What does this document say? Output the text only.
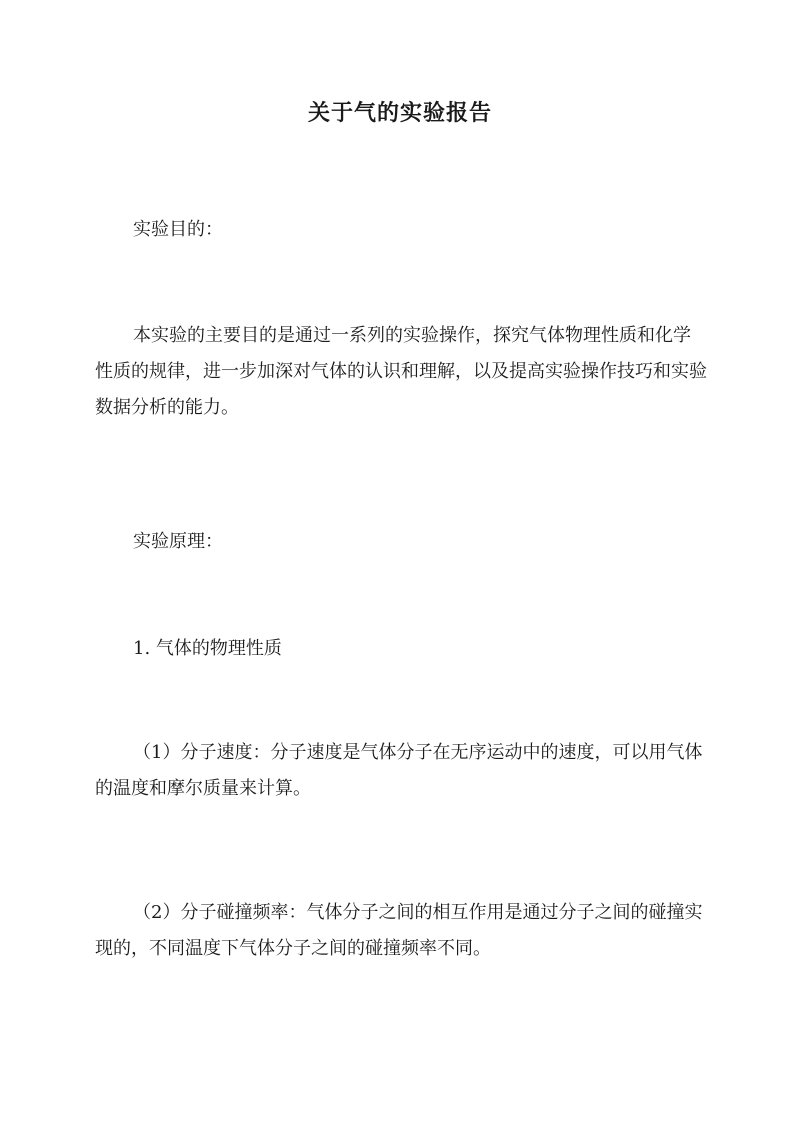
关于气的实验报告

实验目的：

本实验的主要目的是通过一系列的实验操作，探究气体物理性质和化学性质的规律，进一步加深对气体的认识和理解，以及提高实验操作技巧和实验数据分析的能力。

实验原理：

1. 气体的物理性质

（1）分子速度：分子速度是气体分子在无序运动中的速度，可以用气体的温度和摩尔质量来计算。

（2）分子碰撞频率：气体分子之间的相互作用是通过分子之间的碰撞实现的，不同温度下气体分子之间的碰撞频率不同。
